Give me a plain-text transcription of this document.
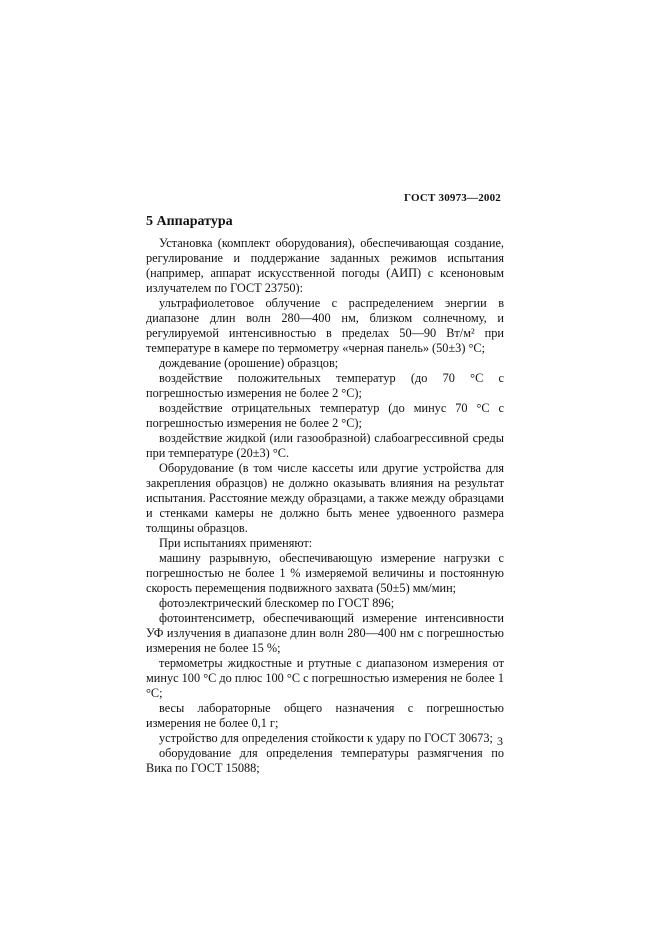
ГОСТ 30973—2002
5 Аппаратура

Установка (комплект оборудования), обеспечивающая создание, регулирование и поддержание заданных режимов испытания (например, аппарат искусственной погоды (АИП) с ксеноновым излучателем по ГОСТ 23750):

ультрафиолетовое облучение с распределением энергии в диапазоне длин волн 280—400 нм, близком солнечному, и регулируемой интенсивностью в пределах 50—90 Вт/м² при температуре в камере по термометру «черная панель» (50±3) °С;

дождевание (орошение) образцов;

воздействие положительных температур (до 70 °С с погрешностью измерения не более 2 °С);

воздействие отрицательных температур (до минус 70 °С с погрешностью измерения не более 2 °С);

воздействие жидкой (или газообразной) слабоагрессивной среды при температуре (20±3) °С.

Оборудование (в том числе кассеты или другие устройства для закрепления образцов) не должно оказывать влияния на результат испытания. Расстояние между образцами, а также между образцами и стенками камеры не должно быть менее удвоенного размера толщины образцов.

При испытаниях применяют:

машину разрывную, обеспечивающую измерение нагрузки с погрешностью не более 1 % измеряемой величины и постоянную скорость перемещения подвижного захвата (50±5) мм/мин;

фотоэлектрический блескомер по ГОСТ 896;

фотоинтенсиметр, обеспечивающий измерение интенсивности УФ излучения в диапазоне длин волн 280—400 нм с погрешностью измерения не более 15 %;

термометры жидкостные и ртутные с диапазоном измерения от минус 100 °С до плюс 100 °С с погрешностью измерения не более 1 °С;

весы лабораторные общего назначения с погрешностью измерения не более 0,1 г;

устройство для определения стойкости к удару по ГОСТ 30673;

оборудование для определения температуры размягчения по Вика по ГОСТ 15088;

3
